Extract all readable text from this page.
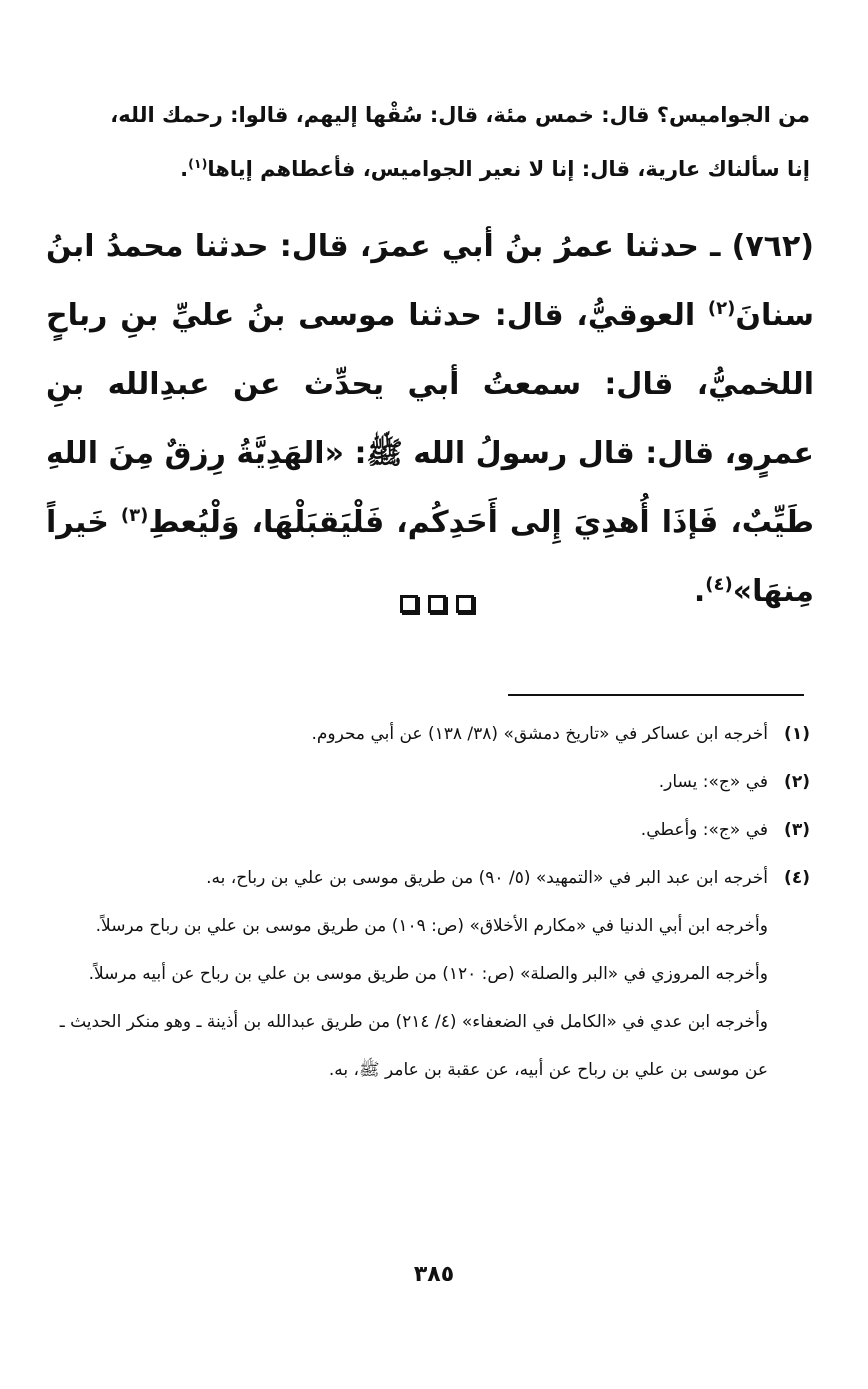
من الجواميس؟ قال: خمس مئة، قال: سُقْها إليهم، قالوا: رحمك الله،

إنا سألناك عارية، قال: إنا لا نعير الجواميس، فأعطاهم إياها$^{(١)}$.

(٧٦٢) ـ حدثنا عمرُ بنُ أبي عمرَ، قال: حدثنا محمدُ ابنُ سنانَ$^{(٢)}$ العوقيُّ، قال: حدثنا موسى بنُ عليِّ بنِ رباحٍ اللخميُّ، قال: سمعتُ أبي يحدِّث عن عبدِالله بنِ عمرٍو، قال: قال رسولُ الله ﷺ: «الهَدِيَّةُ رِزقٌ مِنَ اللهِ طَيِّبٌ، فَإذَا أُهدِيَ إِلى أَحَدِكُم، فَلْيَقبَلْهَا، وَلْيُعطِ$^{(٣)}$ خَيراً مِنهَا»$^{(٤)}$.

(١)

أخرجه ابن عساكر في «تاريخ دمشق» (٣٨/ ١٣٨) عن أبي محروم.

(٢)

في «ج»: يسار.

(٣)

في «ج»: وأعطي.

(٤)

أخرجه ابن عبد البر في «التمهيد» (٥/ ٩٠) من طريق موسى بن علي بن رباح، به.

وأخرجه ابن أبي الدنيا في «مكارم الأخلاق» (ص: ١٠٩) من طريق موسى بن علي بن رباح مرسلاً.

وأخرجه المروزي في «البر والصلة» (ص: ١٢٠) من طريق موسى بن علي بن رباح عن أبيه مرسلاً.

وأخرجه ابن عدي في «الكامل في الضعفاء» (٤/ ٢١٤) من طريق عبدالله بن أذينة ـ وهو منكر الحديث ـ عن موسى بن علي بن رباح عن أبيه، عن عقبة بن عامر ﷺ، به.

٣٨٥
